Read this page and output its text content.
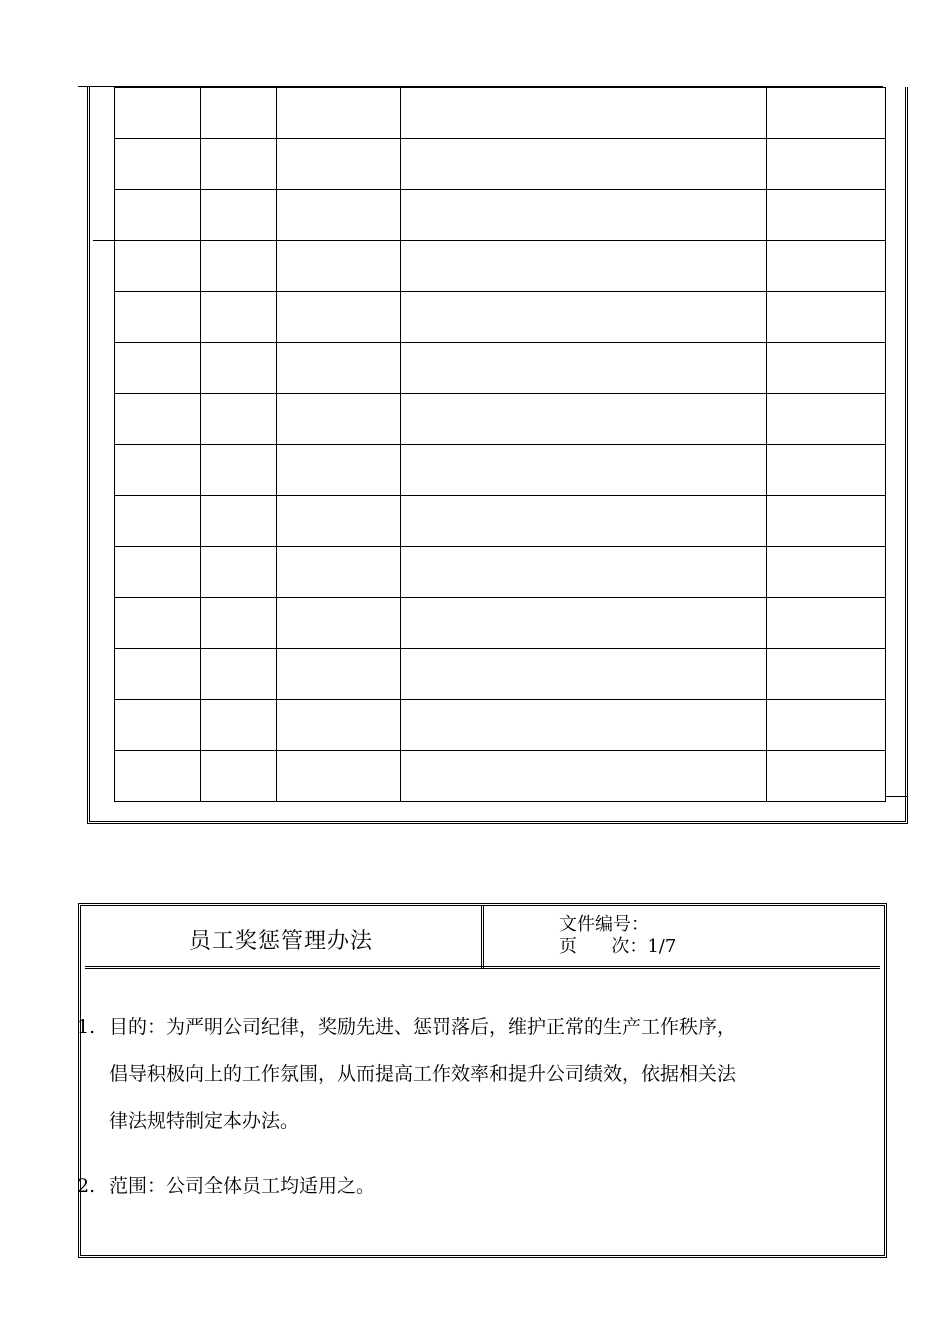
员工奖惩管理办法
文件编号：
页      次：1/7
1. 目的：为严明公司纪律，奖励先进、惩罚落后，维护正常的生产工作秩序，
倡导积极向上的工作氛围，从而提高工作效率和提升公司绩效，依据相关法
律法规特制定本办法。
2. 范围：公司全体员工均适用之。
